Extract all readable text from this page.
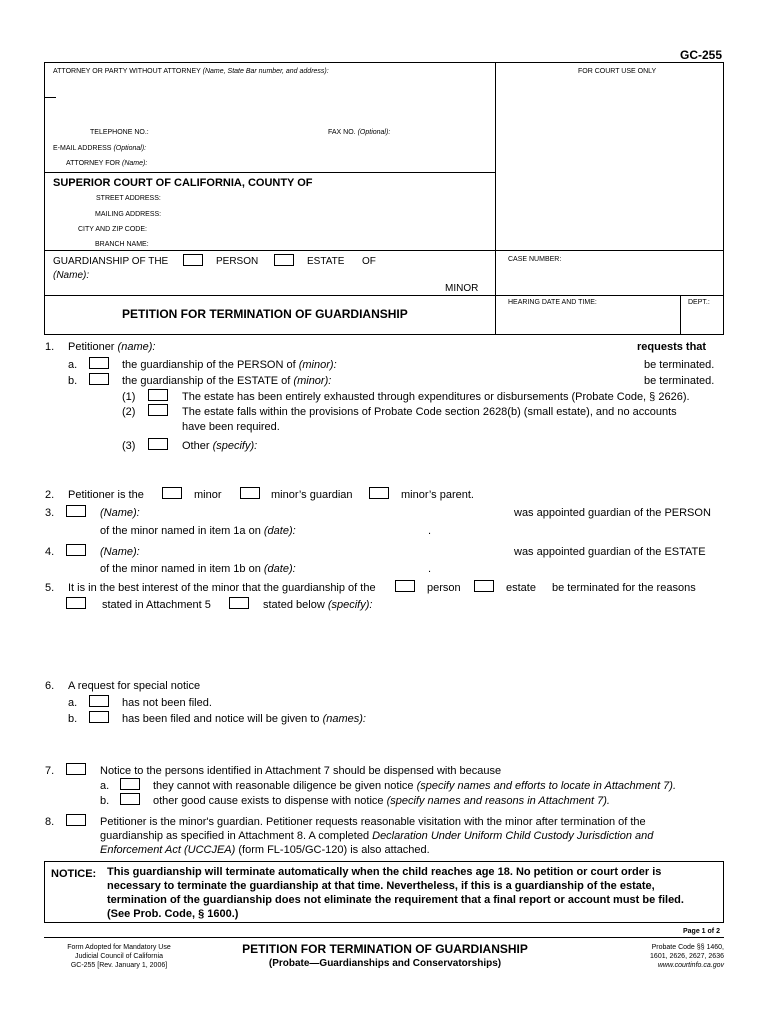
GC-255
ATTORNEY OR PARTY WITHOUT ATTORNEY (Name, State Bar number, and address):	FOR COURT USE ONLY
TELEPHONE NO.:	FAX NO. (Optional):
E-MAIL ADDRESS (Optional):
ATTORNEY FOR (Name):
SUPERIOR COURT OF CALIFORNIA, COUNTY OF
STREET ADDRESS:
MAILING ADDRESS:
CITY AND ZIP CODE:
BRANCH NAME:
GUARDIANSHIP OF THE	PERSON	ESTATE OF
(Name):
MINOR
CASE NUMBER:
HEARING DATE AND TIME:	DEPT.:
PETITION FOR TERMINATION OF GUARDIANSHIP
1. Petitioner (name):	requests that
a.	the guardianship of the PERSON of (minor):	be terminated.
b.	the guardianship of the ESTATE of (minor):	be terminated.
(1)	The estate has been entirely exhausted through expenditures or disbursements (Probate Code, § 2626).
(2)	The estate falls within the provisions of Probate Code section 2628(b) (small estate), and no accounts
have been required.
(3)	Other (specify):
2. Petitioner is the	minor	minor’s guardian	minor’s parent.
3.	(Name):	was appointed guardian of the PERSON
of the minor named in item 1a on (date):	.
4.	(Name):	was appointed guardian of the ESTATE
of the minor named in item 1b on (date):	.
5. It is in the best interest of the minor that the guardianship of the	person	estate be terminated for the reasons
stated in Attachment 5	stated below (specify):
6. A request for special notice
a.	has not been filed.
b.	has been filed and notice will be given to (names):
7.	Notice to the persons identified in Attachment 7 should be dispensed with because
a.	they cannot with reasonable diligence be given notice (specify names and efforts to locate in Attachment 7).
b.	other good cause exists to dispense with notice (specify names and reasons in Attachment 7).
8.	Petitioner is the minor's guardian. Petitioner requests reasonable visitation with the minor after termination of the
guardianship as specified in Attachment 8. A completed Declaration Under Uniform Child Custody Jurisdiction and
Enforcement Act (UCCJEA) (form FL-105/GC-120) is also attached.
NOTICE: This guardianship will terminate automatically when the child reaches age 18. No petition or court order is
necessary to terminate the guardianship at that time. Nevertheless, if this is a guardianship of the estate,
termination of the guardianship does not eliminate the requirement that a final report or account must be filed.
(See Prob. Code, § 1600.)
Page 1 of 2
Form Adopted for Mandatory Use
Judicial Council of California
GC-255 [Rev. January 1, 2006]
PETITION FOR TERMINATION OF GUARDIANSHIP
(Probate—Guardianships and Conservatorships)
Probate Code §§ 1460,
1601, 2626, 2627, 2636
www.courtinfo.ca.gov
